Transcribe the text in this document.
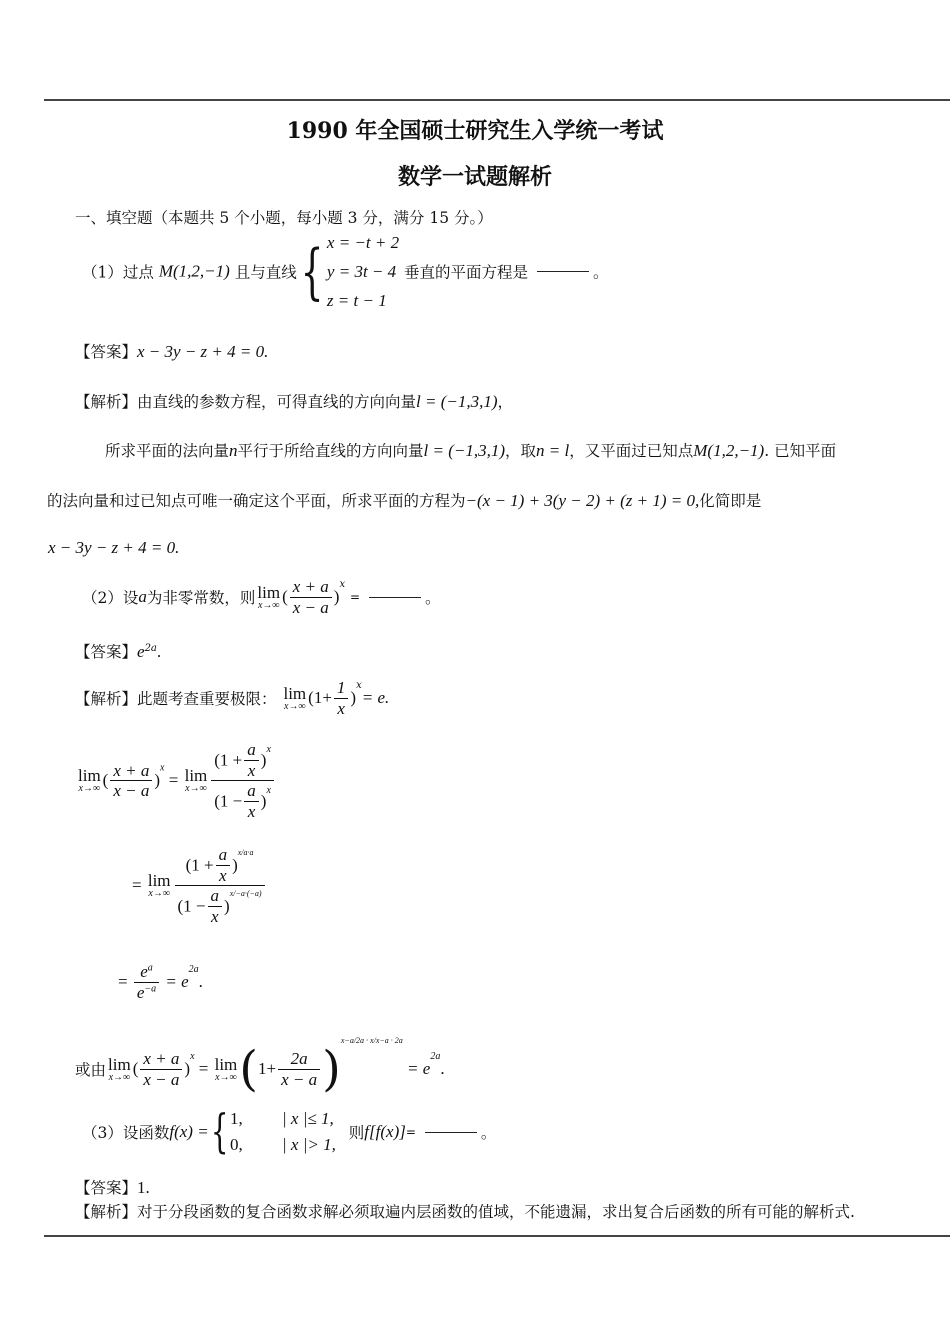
1990 年全国硕士研究生入学统一考试
数学一试题解析
一、填空题（本题共 5 个小题，每小题 3 分，满分 15 分。）
（1）过点 M(1,2,−1) 且与直线{ x = −t + 2
y = 3t − 4
z = t − 1
垂直的平面方程是	。
【答案】x − 3y − z + 4 = 0.
【解析】由直线的参数方程，可得直线的方向向量l = (−1,3,1)，
所求平面的法向量n平行于所给直线的方向向量l = (−1,3,1)，取n = l，又平面过已知点M(1,2,−1). 已知平面
的法向量和过已知点可唯一确定这个平面，所求平面的方程为−(x − 1) + 3(y − 2) + (z + 1) = 0,化简即是
x − 3y − z + 4 = 0.
（2）设a为非零常数，则 lim
x→∞ ( $\frac{x + a}{x - a} )^x$ =	。
【答案】$e^{2a}$.
【解析】此题考查重要极限： lim
x→∞ $(1+ \frac{1}{x} )^x= e$.
lim
x→∞ ( $\frac{x + a}{x - a} )^x = \lim$
$x\to\infty \frac{(1 + \frac{a}{x} )^x}{(1 - \frac{a}{x} )^x}$
= lim
$x\to\infty \frac{(1 + \frac{a}{x} )^{x/a\cdot a}}{(1 - \frac{a}{x} )^{x/-a\cdot(-a)}}$
= $\frac{e^a}{e^{-a}} = e^{2a}$.
或由 lim
x→∞ ( $\frac{x + a}{x - a} )^x = \lim$
x→∞ $(1+ \frac{2a}{x - a} )^{x-a/2a \cdot x/x-a \cdot 2a} = e^{2a}$.
（3）设函数f(x) ={ 1, | x |≤ 1,
0, | x |> 1,
则f[f(x)]=	。
【答案】1.
【解析】对于分段函数的复合函数求解必须取遍内层函数的值域，不能遗漏，求出复合后函数的所有可能的解析式.
